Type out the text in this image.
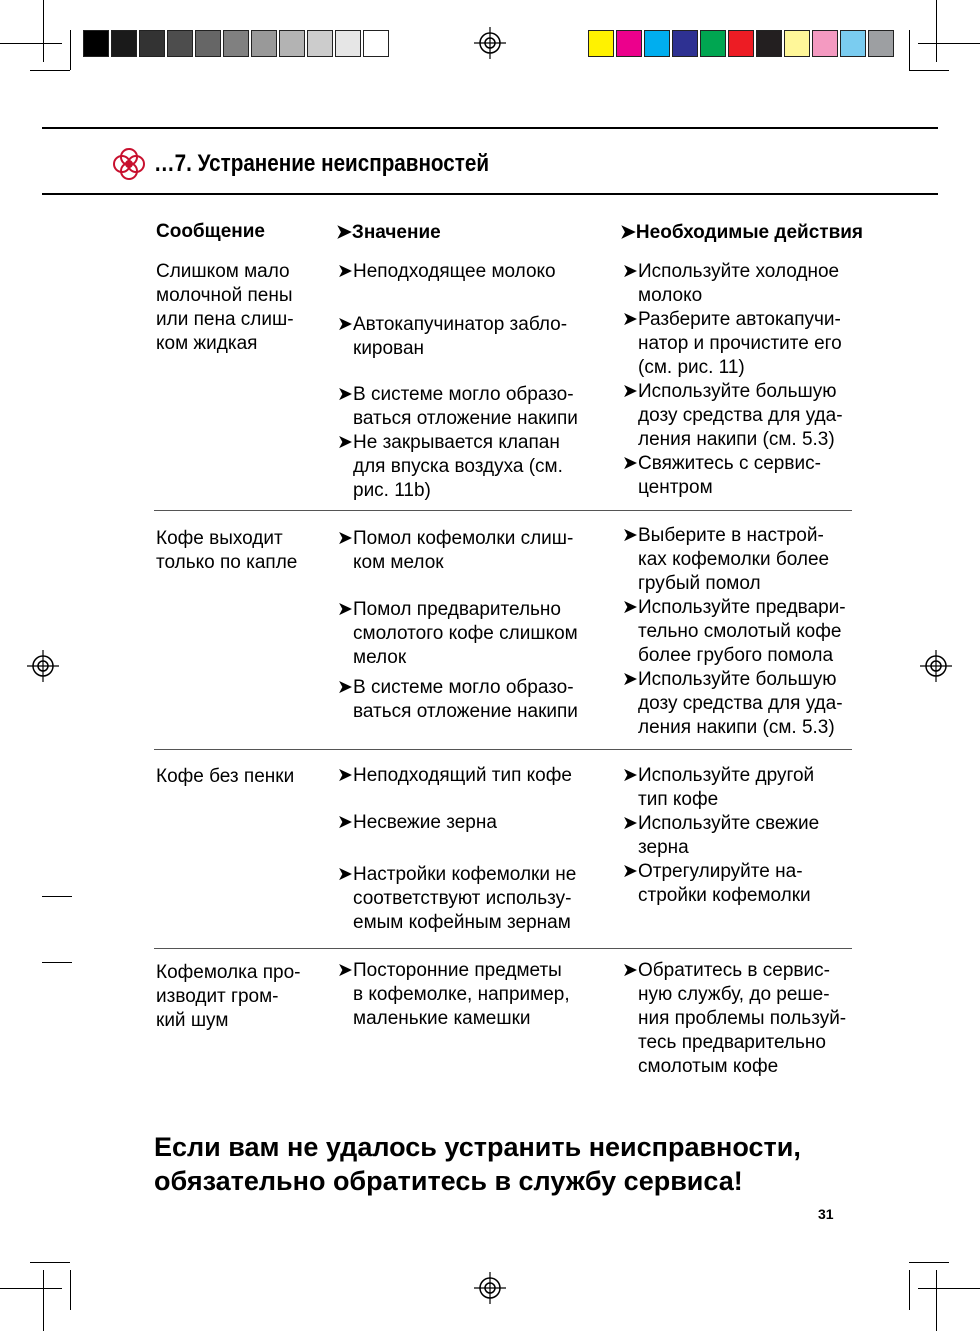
…7. Устранение неисправностей
Сообщение	➤Значение	➤Необходимые действия
Слишком мало
молочной пены
или пена слиш-
ком жидкая
➤ Неподходящее молоко
➤ Автокапучинатор забло-
кирован
➤ В системе могло образо-
ваться отложение накипи
➤ Не закрывается клапан
для впуска воздуха (см.
рис. 11b)
➤ Используйте холодное
молоко
➤ Разберите автокапучи-
натор и прочистите его
(см. рис. 11)
➤ Используйте большую
дозу средства для уда-
ления накипи (см. 5.3)
➤ Свяжитесь с сервис-
центром
Кофе выходит
только по капле
➤ Помол кофемолки слиш-
ком мелок
➤ Помол предварительно
смолотого кофе слишком
мелок
➤ В системе могло образо-
ваться отложение накипи
➤ Выберите в настрой-
ках кофемолки более
грубый помол
➤ Используйте предвари-
тельно смолотый кофе
более грубого помола
➤ Используйте большую
дозу средства для уда-
ления накипи (см. 5.3)
Кофе без пенки ➤ Неподходящий тип кофе
➤ Несвежие зерна
➤ Настройки кофемолки не
соответствуют использу-
емым кофейным зернам
➤ Используйте другой
тип кофе
➤ Используйте свежие
зерна
➤ Отрегулируйте на-
стройки кофемолки
Кофемолка про-
изводит гром-
кий шум
➤ Посторонние предметы
в кофемолке, например,
маленькие камешки
➤ Обратитесь в сервис-
ную службу, до реше-
ния проблемы пользуй-
тесь предварительно
смолотым кофе
Если вам не удалось устранить неисправности,
обязательно обратитесь в службу сервиса!
31
